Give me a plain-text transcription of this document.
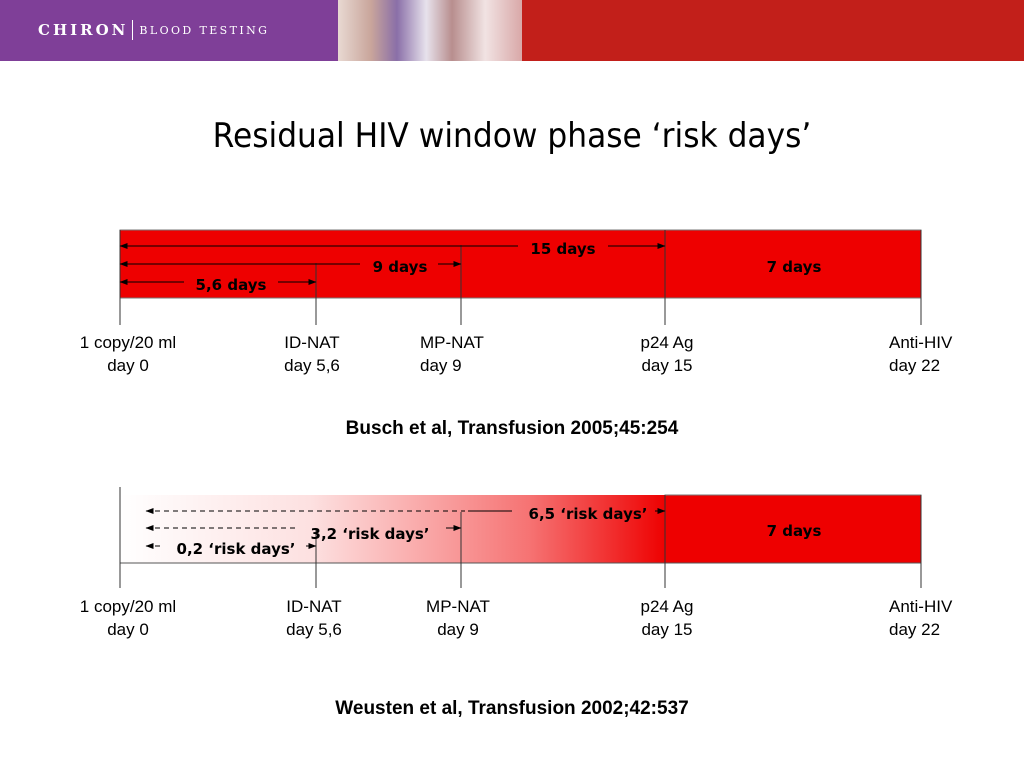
CHIRON BLOOD TESTING
Residual HIV window phase ‘risk days’
15 days
9 days
5,6 days
7 days
6,5 ‘risk days’
3,2 ‘risk days’
0,2 ‘risk days’
7 days
1 copy/20 ml
day 0
ID-NAT
day 5,6
MP-NAT
day 9
p24 Ag
day 15
Anti-HIV
day 22
Busch et al, Transfusion 2005;45:254
1 copy/20 ml
day 0
ID-NAT
day 5,6
MP-NAT
day 9
p24 Ag
day 15
Anti-HIV
day 22
Weusten et al, Transfusion 2002;42:537
